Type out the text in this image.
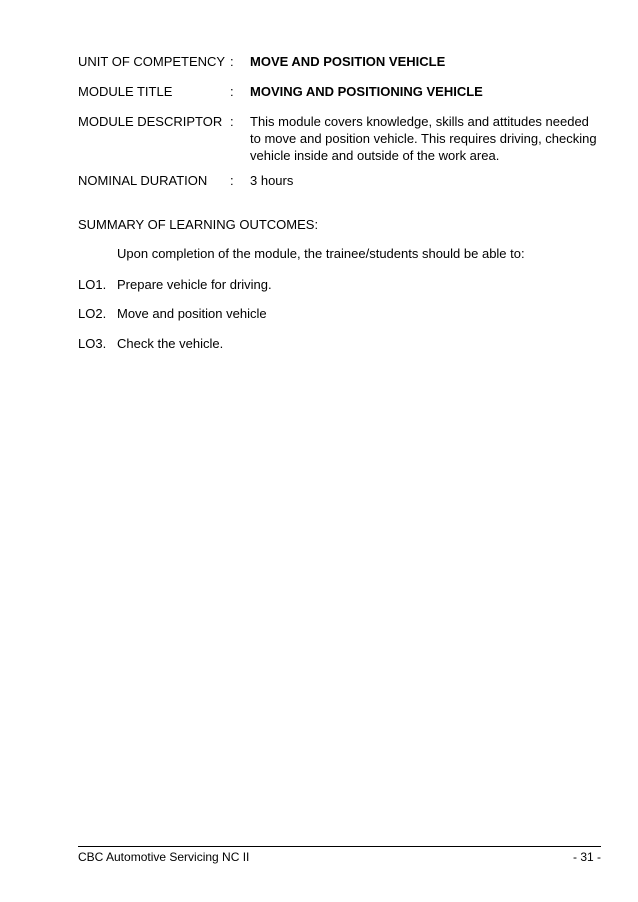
UNIT OF COMPETENCY : MOVE AND POSITION VEHICLE
MODULE TITLE	: MOVING AND POSITIONING VEHICLE
MODULE DESCRIPTOR : This module covers knowledge, skills and attitudes needed
to move and position vehicle. This requires driving, checking
vehicle inside and outside of the work area.
NOMINAL DURATION : 3 hours
SUMMARY OF LEARNING OUTCOMES:
Upon completion of the module, the trainee/students should be able to:
LO1. Prepare vehicle for driving.
LO2. Move and position vehicle
LO3. Check the vehicle.
CBC Automotive Servicing NC II	- 31 -
